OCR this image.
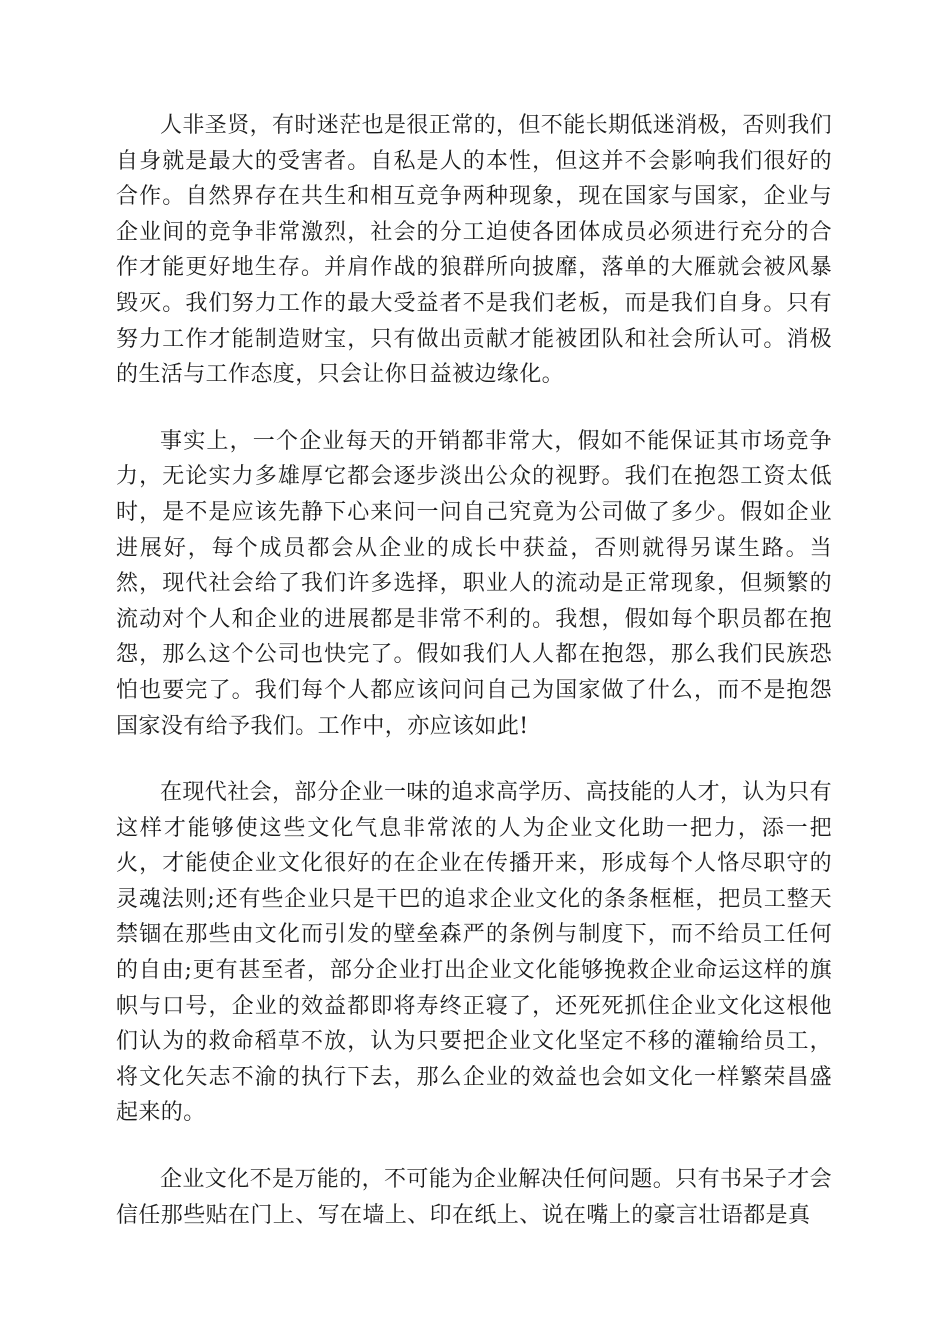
人非圣贤，有时迷茫也是很正常的，但不能长期低迷消极，否则我们自身就是最大的受害者。自私是人的本性，但这并不会影响我们很好的合作。自然界存在共生和相互竞争两种现象，现在国家与国家，企业与企业间的竞争非常激烈，社会的分工迫使各团体成员必须进行充分的合作才能更好地生存。并肩作战的狼群所向披靡，落单的大雁就会被风暴毁灭。我们努力工作的最大受益者不是我们老板，而是我们自身。只有努力工作才能制造财宝，只有做出贡献才能被团队和社会所认可。消极的生活与工作态度，只会让你日益被边缘化。

事实上，一个企业每天的开销都非常大，假如不能保证其市场竞争力，无论实力多雄厚它都会逐步淡出公众的视野。我们在抱怨工资太低时，是不是应该先静下心来问一问自己究竟为公司做了多少。假如企业进展好，每个成员都会从企业的成长中获益，否则就得另谋生路。当然，现代社会给了我们许多选择，职业人的流动是正常现象，但频繁的流动对个人和企业的进展都是非常不利的。我想，假如每个职员都在抱怨，那么这个公司也快完了。假如我们人人都在抱怨，那么我们民族恐怕也要完了。我们每个人都应该问问自己为国家做了什么，而不是抱怨国家没有给予我们。工作中，亦应该如此!

在现代社会，部分企业一味的追求高学历、高技能的人才，认为只有这样才能够使这些文化气息非常浓的人为企业文化助一把力，添一把火，才能使企业文化很好的在企业在传播开来，形成每个人恪尽职守的灵魂法则;还有些企业只是干巴的追求企业文化的条条框框，把员工整天禁锢在那些由文化而引发的壁垒森严的条例与制度下，而不给员工任何的自由;更有甚至者，部分企业打出企业文化能够挽救企业命运这样的旗帜与口号，企业的效益都即将寿终正寝了，还死死抓住企业文化这根他们认为的救命稻草不放，认为只要把企业文化坚定不移的灌输给员工，将文化矢志不渝的执行下去，那么企业的效益也会如文化一样繁荣昌盛起来的。

企业文化不是万能的，不可能为企业解决任何问题。只有书呆子才会信任那些贴在门上、写在墙上、印在纸上、说在嘴上的豪言壮语都是真
